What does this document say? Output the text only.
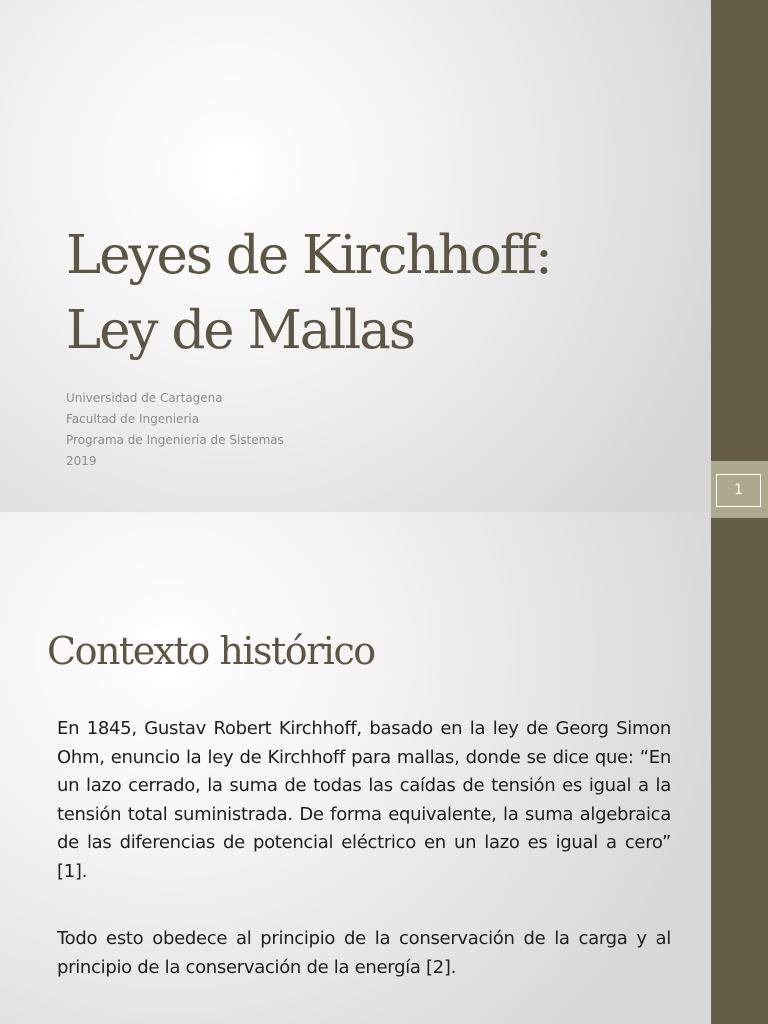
Leyes de Kirchhoff:
Ley de Mallas
Universidad de Cartagena
Facultad de Ingenieria
Programa de Ingenieria de Sistemas
2019
1
Contexto histórico

En 1845, Gustav Robert Kirchhoff, basado en la ley de Georg Simon Ohm, enuncio la ley de Kirchhoff para mallas, donde se dice que: “En un lazo cerrado, la suma de todas las caídas de tensión es igual a la tensión total suministrada. De forma equivalente, la suma algebraica de las diferencias de potencial eléctrico en un lazo es igual a cero” [1].

Todo esto obedece al principio de la conservación de la carga y al principio de la conservación de la energía [2].
